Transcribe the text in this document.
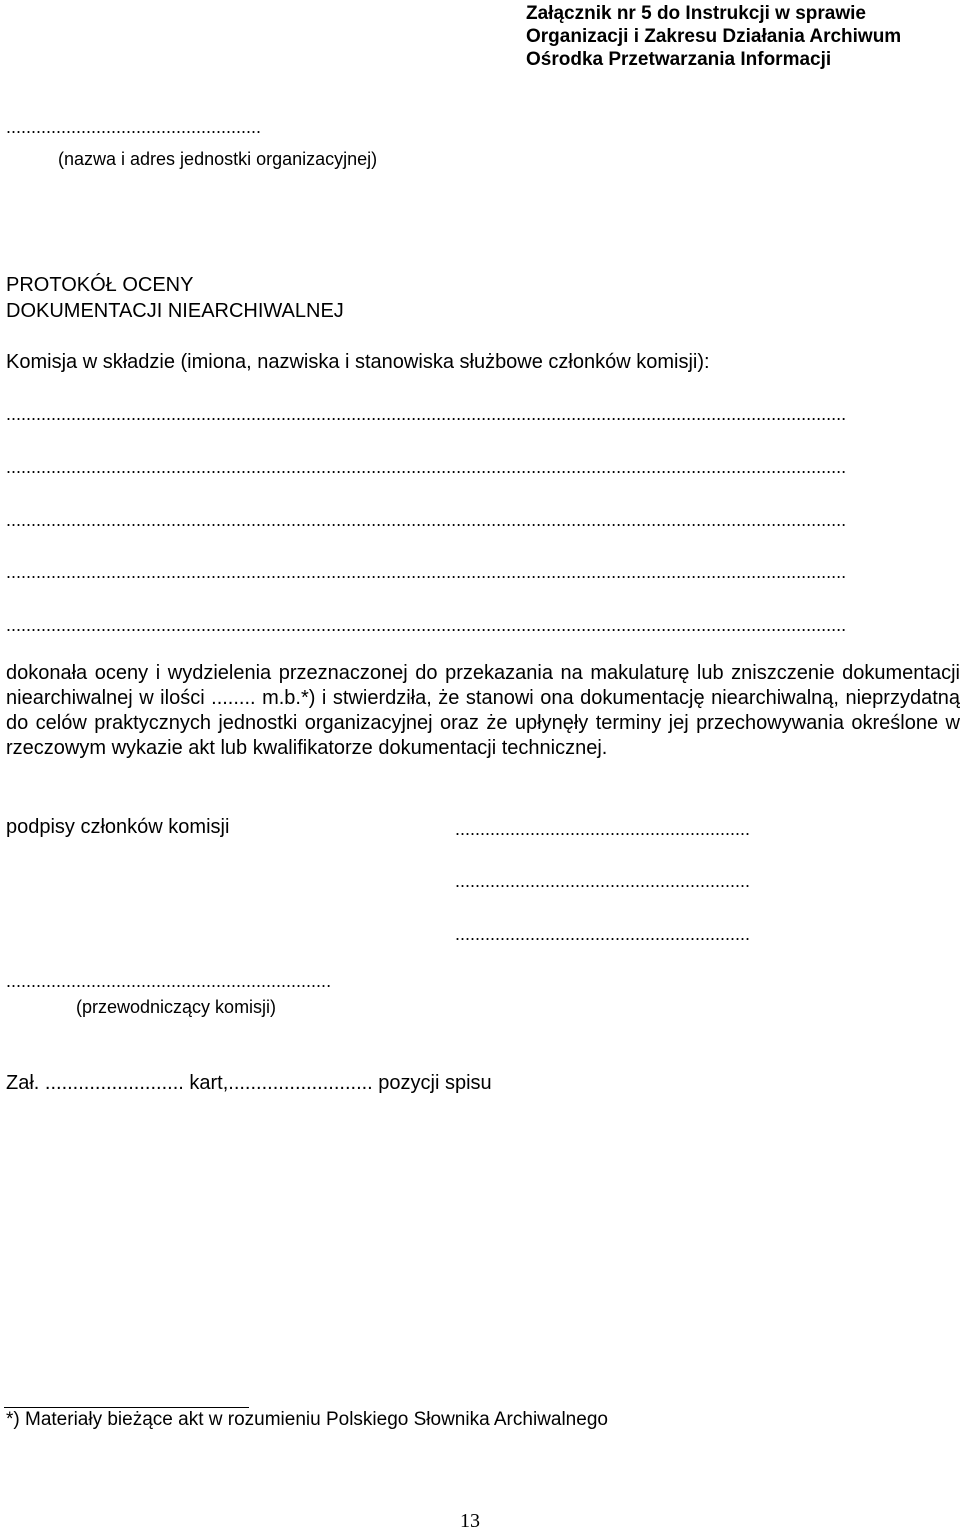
Załącznik nr 5 do Instrukcji w sprawie
Organizacji i Zakresu Działania Archiwum
Ośrodka Przetwarzania Informacji
...................................................
(nazwa i adres jednostki organizacyjnej)
PROTOKÓŁ OCENY
DOKUMENTACJI NIEARCHIWALNEJ
Komisja w składzie (imiona, nazwiska i stanowiska służbowe członków komisji):
........................................................................................................................................................................
........................................................................................................................................................................
........................................................................................................................................................................
........................................................................................................................................................................
........................................................................................................................................................................
dokonała oceny i wydzielenia przeznaczonej do przekazania na makulaturę lub zniszczenie dokumentacji niearchiwalnej w ilości ........ m.b.*) i stwierdziła, że stanowi ona dokumentację niearchiwalną, nieprzydatną do celów praktycznych jednostki organizacyjnej oraz że upłynęły terminy jej przechowywania określone w rzeczowym wykazie akt lub kwalifikatorze dokumentacji technicznej.
podpisy członków komisji	...........................................................
...........................................................
...........................................................
.................................................................
(przewodniczący komisji)
Zał. ......................... kart,.......................... pozycji spisu
*) Materiały bieżące akt w rozumieniu Polskiego Słownika Archiwalnego
13
